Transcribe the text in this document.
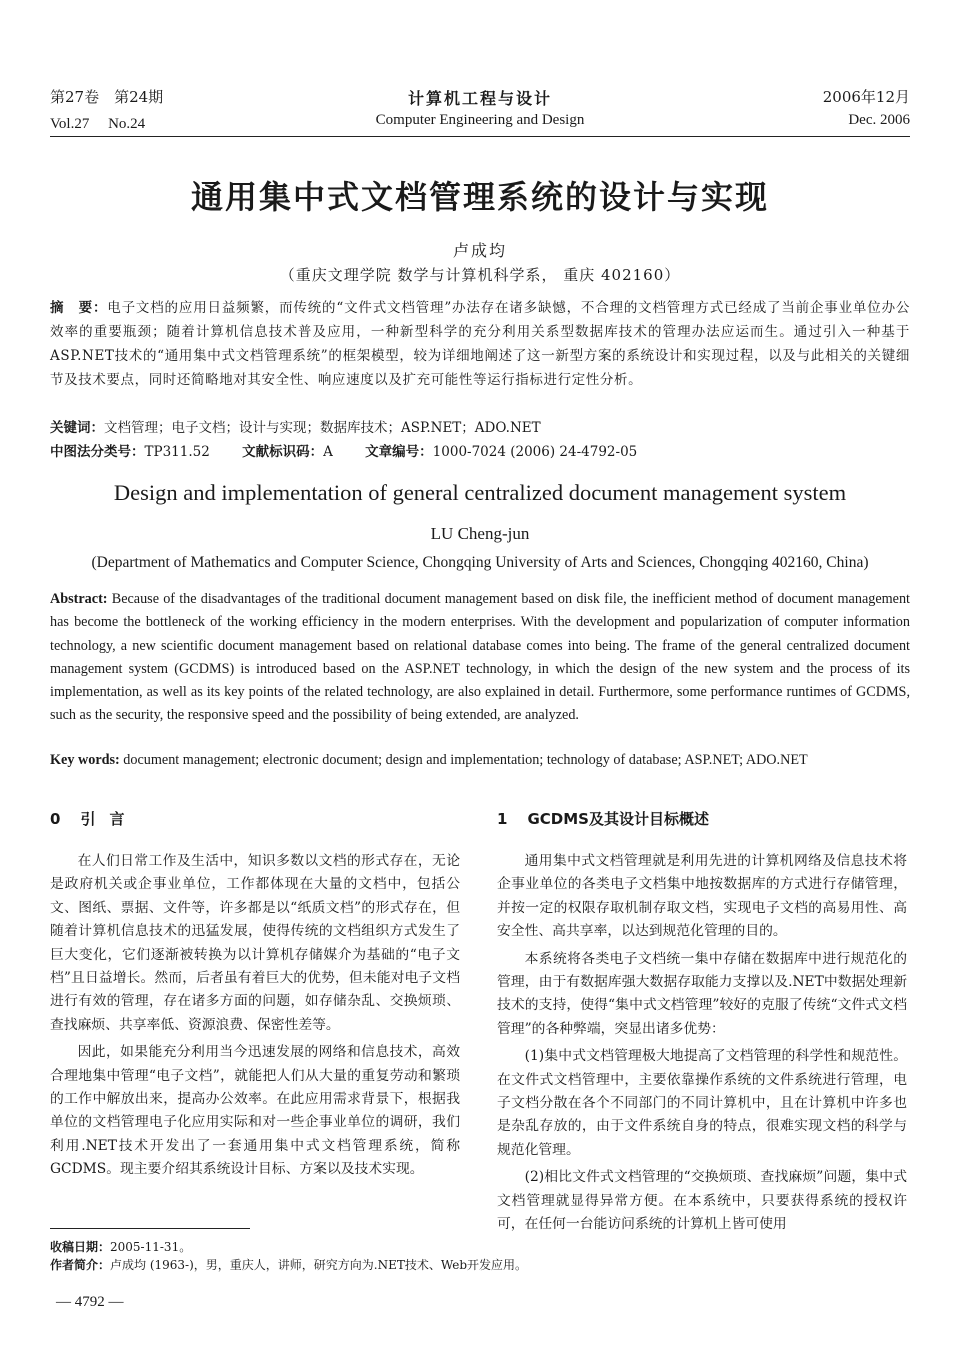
第27卷　第24期	计算机工程与设计	2006年12月
Vol.27　 No.24	Computer Engineering and Design	Dec. 2006
通用集中式文档管理系统的设计与实现
卢成均
（重庆文理学院 数学与计算机科学系， 重庆 402160）
摘　要：电子文档的应用日益频繁，而传统的“文件式文档管理”办法存在诸多缺憾，不合理的文档管理方式已经成了当前企事业单位办公效率的重要瓶颈；随着计算机信息技术普及应用，一种新型科学的充分利用关系型数据库技术的管理办法应运而生。通过引入一种基于ASP.NET技术的“通用集中式文档管理系统”的框架模型，较为详细地阐述了这一新型方案的系统设计和实现过程，以及与此相关的关键细节及技术要点，同时还简略地对其安全性、响应速度以及扩充可能性等运行指标进行定性分析。
关键词：文档管理；电子文档；设计与实现；数据库技术；ASP.NET；ADO.NET
中图法分类号：TP311.52 文献标识码：A 文章编号：1000-7024 (2006) 24-4792-05
Design and implementation of general centralized document management system
LU Cheng-jun
(Department of Mathematics and Computer Science, Chongqing University of Arts and Sciences, Chongqing 402160, China)
Abstract: Because of the disadvantages of the traditional document management based on disk file, the inefficient method of document management has become the bottleneck of the working efficiency in the modern enterprises. With the development and popularization of computer information technology, a new scientific document management based on relational database comes into being. The frame of the general centralized document management system (GCDMS) is introduced based on the ASP.NET technology, in which the design of the new system and the process of its implementation, as well as its key points of the related technology, are also explained in detail. Furthermore, some performance runtimes of GCDMS, such as the security, the responsive speed and the possibility of being extended, are analyzed.
Key words: document management; electronic document; design and implementation; technology of database; ASP.NET; ADO.NET
0 引言

在人们日常工作及生活中，知识多数以文档的形式存在，无论是政府机关或企事业单位，工作都体现在大量的文档中，包括公文、图纸、票据、文件等，许多都是以“纸质文档”的形式存在，但随着计算机信息技术的迅猛发展，使得传统的文档组织方式发生了巨大变化，它们逐渐被转换为以计算机存储媒介为基础的“电子文档”且日益增长。然而，后者虽有着巨大的优势，但未能对电子文档进行有效的管理，存在诸多方面的问题，如存储杂乱、交换烦琐、查找麻烦、共享率低、资源浪费、保密性差等。

因此，如果能充分利用当今迅速发展的网络和信息技术，高效合理地集中管理“电子文档”，就能把人们从大量的重复劳动和繁琐的工作中解放出来，提高办公效率。在此应用需求背景下，根据我单位的文档管理电子化应用实际和对一些企事业单位的调研，我们利用.NET技术开发出了一套通用集中式文档管理系统，简称GCDMS。现主要介绍其系统设计目标、方案以及技术实现。

1 GCDMS及其设计目标概述

通用集中式文档管理就是利用先进的计算机网络及信息技术将企事业单位的各类电子文档集中地按数据库的方式进行存储管理，并按一定的权限存取机制存取文档，实现电子文档的高易用性、高安全性、高共享率，以达到规范化管理的目的。

本系统将各类电子文档统一集中存储在数据库中进行规范化的管理，由于有数据库强大数据存取能力支撑以及.NET中数据处理新技术的支持，使得“集中式文档管理”较好的克服了传统“文件式文档管理”的各种弊端，突显出诸多优势：

(1)集中式文档管理极大地提高了文档管理的科学性和规范性。在文件式文档管理中，主要依靠操作系统的文件系统进行管理，电子文档分散在各个不同部门的不同计算机中，且在计算机中许多也是杂乱存放的，由于文件系统自身的特点，很难实现文档的科学与规范化管理。

(2)相比文件式文档管理的“交换烦琐、查找麻烦”问题，集中式文档管理就显得异常方便。在本系统中，只要获得系统的授权许可，在任何一台能访问系统的计算机上皆可使用

收稿日期：2005-11-31。
作者简介：卢成均 (1963-)，男，重庆人，讲师，研究方向为.NET技术、Web开发应用。
— 4792 —
